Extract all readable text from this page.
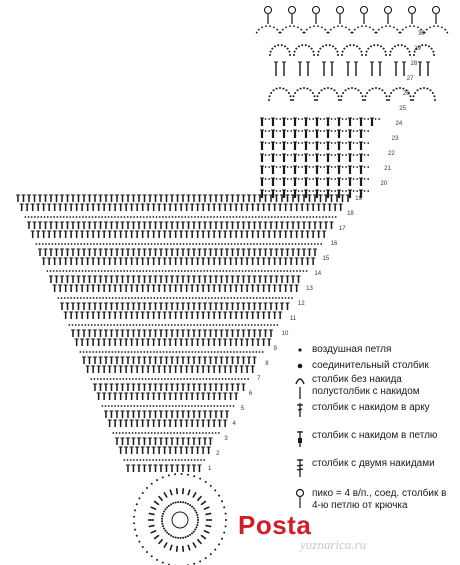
1
2
3
4
5
6
7
8
9
10
11
12
13
14
15
16
17
18
19
20
21
22
23
24
25
26
27
28
29
30
воздушная петля
соединительный столбик
столбик без накида
полустолбик с накидом
столбик с накидом в арку
столбик с накидом в петлю
столбик с двумя накидами
пико = 4 в/п., соед. столбик в 4-ю петлю от крючка
Posta
yuznarica.ru
